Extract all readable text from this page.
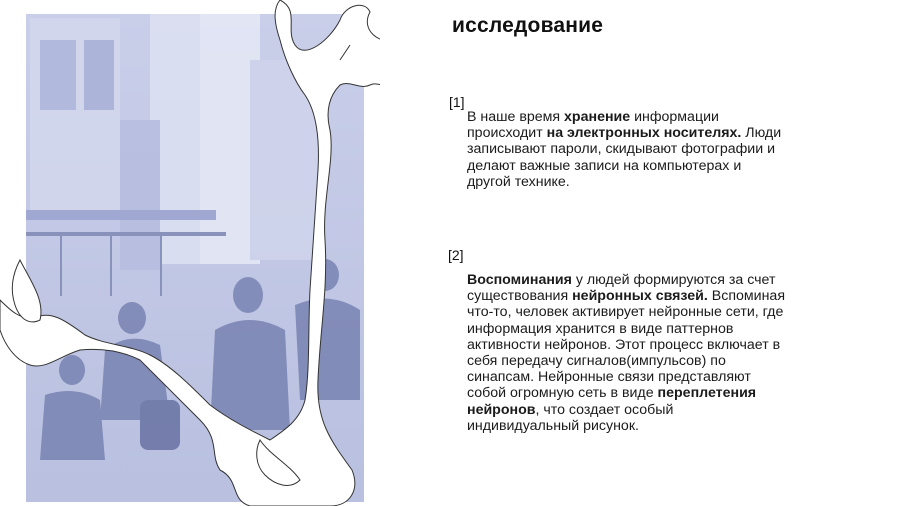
исследование
[1]

В наше время хранение информации происходит на электронных носителях. Люди записывают пароли, скидывают фотографии и делают важные записи на компьютерах и другой технике.

[2]

Воспоминания у людей формируются за счет существования нейронных связей. Вспоминая что-то, человек активирует нейронные сети, где информация хранится в виде паттернов активности нейронов. Этот процесс включает в себя передачу сигналов(импульсов) по синапсам. Нейронные связи представляют собой огромную сеть в виде переплетения нейронов, что создает особый индивидуальный рисунок.
